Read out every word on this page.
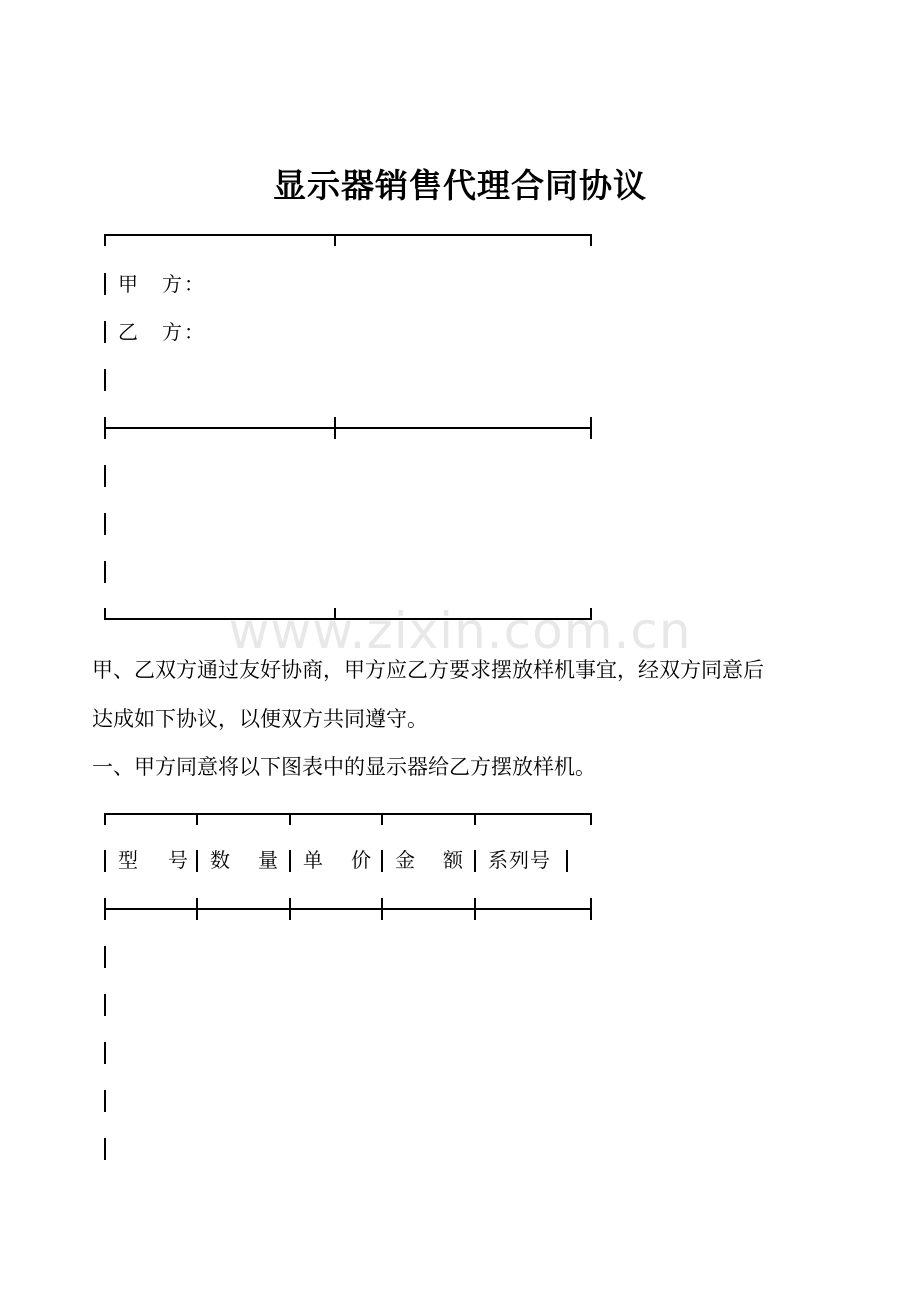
显示器销售代理合同协议
甲　方：
乙　方：
www.zixin.com.cn
甲、乙双方通过友好协商，甲方应乙方要求摆放样机事宜，经双方同意后
达成如下协议，以便双方共同遵守。
一、甲方同意将以下图表中的显示器给乙方摆放样机。
型　号 数　量 单　价 金　额 系列号
